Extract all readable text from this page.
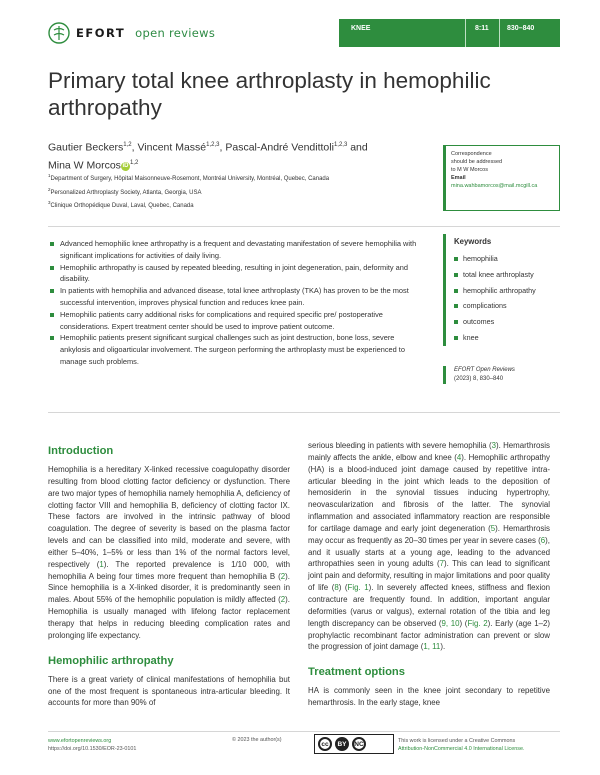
EFORT open reviews	KNEE	8:11	830–840
Primary total knee arthroplasty in hemophilic arthropathy
Gautier Beckers$^{1,2}$, Vincent Massé$^{1,2,3}$, Pascal-André Vendittoli$^{1,2,3}$ and
Mina W Morcos iD$^{1,2}$
$^1$Department of Surgery, Hôpital Maisonneuve-Rosemont, Montréal University, Montréal, Quebec, Canada
$^2$Personalized Arthroplasty Society, Atlanta, Georgia, USA
$^3$Clinique Orthopédique Duval, Laval, Quebec, Canada
Correspondence
should be addressed
to M W Morcos
Email
mina.wahbamorcos@mail.mcgill.ca
Advanced hemophilic knee arthropathy is a frequent and devastating manifestation of severe hemophilia with significant implications for activities of daily living.
Hemophilic arthropathy is caused by repeated bleeding, resulting in joint degeneration, pain, deformity and disability.
In patients with hemophilia and advanced disease, total knee arthroplasty (TKA) has proven to be the most successful intervention, improves physical function and reduces knee pain.
Hemophilic patients carry additional risks for complications and required specific pre/ postoperative considerations. Expert treatment center should be used to improve patient outcome.
Hemophilic patients present significant surgical challenges such as joint destruction, bone loss, severe ankylosis and oligoarticular involvement. The surgeon performing the arthroplasty must be experienced to manage such problems.
Keywords
hemophilia
total knee arthroplasty
hemophilic arthropathy
complications
outcomes
knee
EFORT Open Reviews
(2023) 8, 830–840
Introduction

Hemophilia is a hereditary X-linked recessive coagulopathy disorder resulting from blood clotting factor deficiency or dysfunction. There are two major types of hemophilia namely hemophilia A, deficiency of clotting factor VIII and hemophilia B, deficiency of clotting factor IX. These factors are involved in the intrinsic pathway of blood coagulation. The degree of severity is based on the plasma factor levels and can be classified into mild, moderate and severe, with either 5–40%, 1–5% or less than 1% of the normal factors level, respectively (1). The reported prevalence is 1/10 000, with hemophilia A being four times more frequent than hemophilia B (2). Since hemophilia is a X-linked disorder, it is predominantly seen in males. About 55% of the hemophilic population is mildly affected (2). Hemophilia is usually managed with lifelong factor replacement therapy that helps in reducing bleeding complication rates and prolonging life expectancy.

Hemophilic arthropathy

There is a great variety of clinical manifestations of hemophilia but one of the most frequent is spontaneous intra-articular bleeding. It accounts for more than 90% of

serious bleeding in patients with severe hemophilia (3). Hemarthrosis mainly affects the ankle, elbow and knee (4). Hemophilic arthropathy (HA) is a blood-induced joint damage caused by repetitive intra-articular bleeding in the joint which leads to the deposition of hemosiderin in the synovial tissues inducing hypertrophy, neovascularization and fibrosis of the latter. The synovial inflammation and associated inflammatory reaction are responsible for cartilage damage and early joint degeneration (5). Hemarthrosis may occur as frequently as 20–30 times per year in severe cases (6), and it usually starts at a young age, leading to the advanced arthropathies seen in young adults (7). This can lead to significant joint pain and deformity, resulting in major limitations and poor quality of life (8) (Fig. 1). In severely affected knees, stiffness and flexion contracture are frequently found. In addition, important angular deformities (varus or valgus), external rotation of the tibia and leg length discrepancy can be observed (9, 10) (Fig. 2). Early (age 1–2) prophylactic recombinant factor administration can prevent or slow the progression of joint damage (1, 11).

Treatment options

HA is commonly seen in the knee joint secondary to repetitive hemarthrosis. In the early stage, knee

www.efortopenreviews.org
https://doi.org/10.1530/EOR-23-0101
© 2023 the author(s)
cc	BY	NC	This work is licensed under a Creative Commons
Attribution-NonCommercial 4.0 International License.
